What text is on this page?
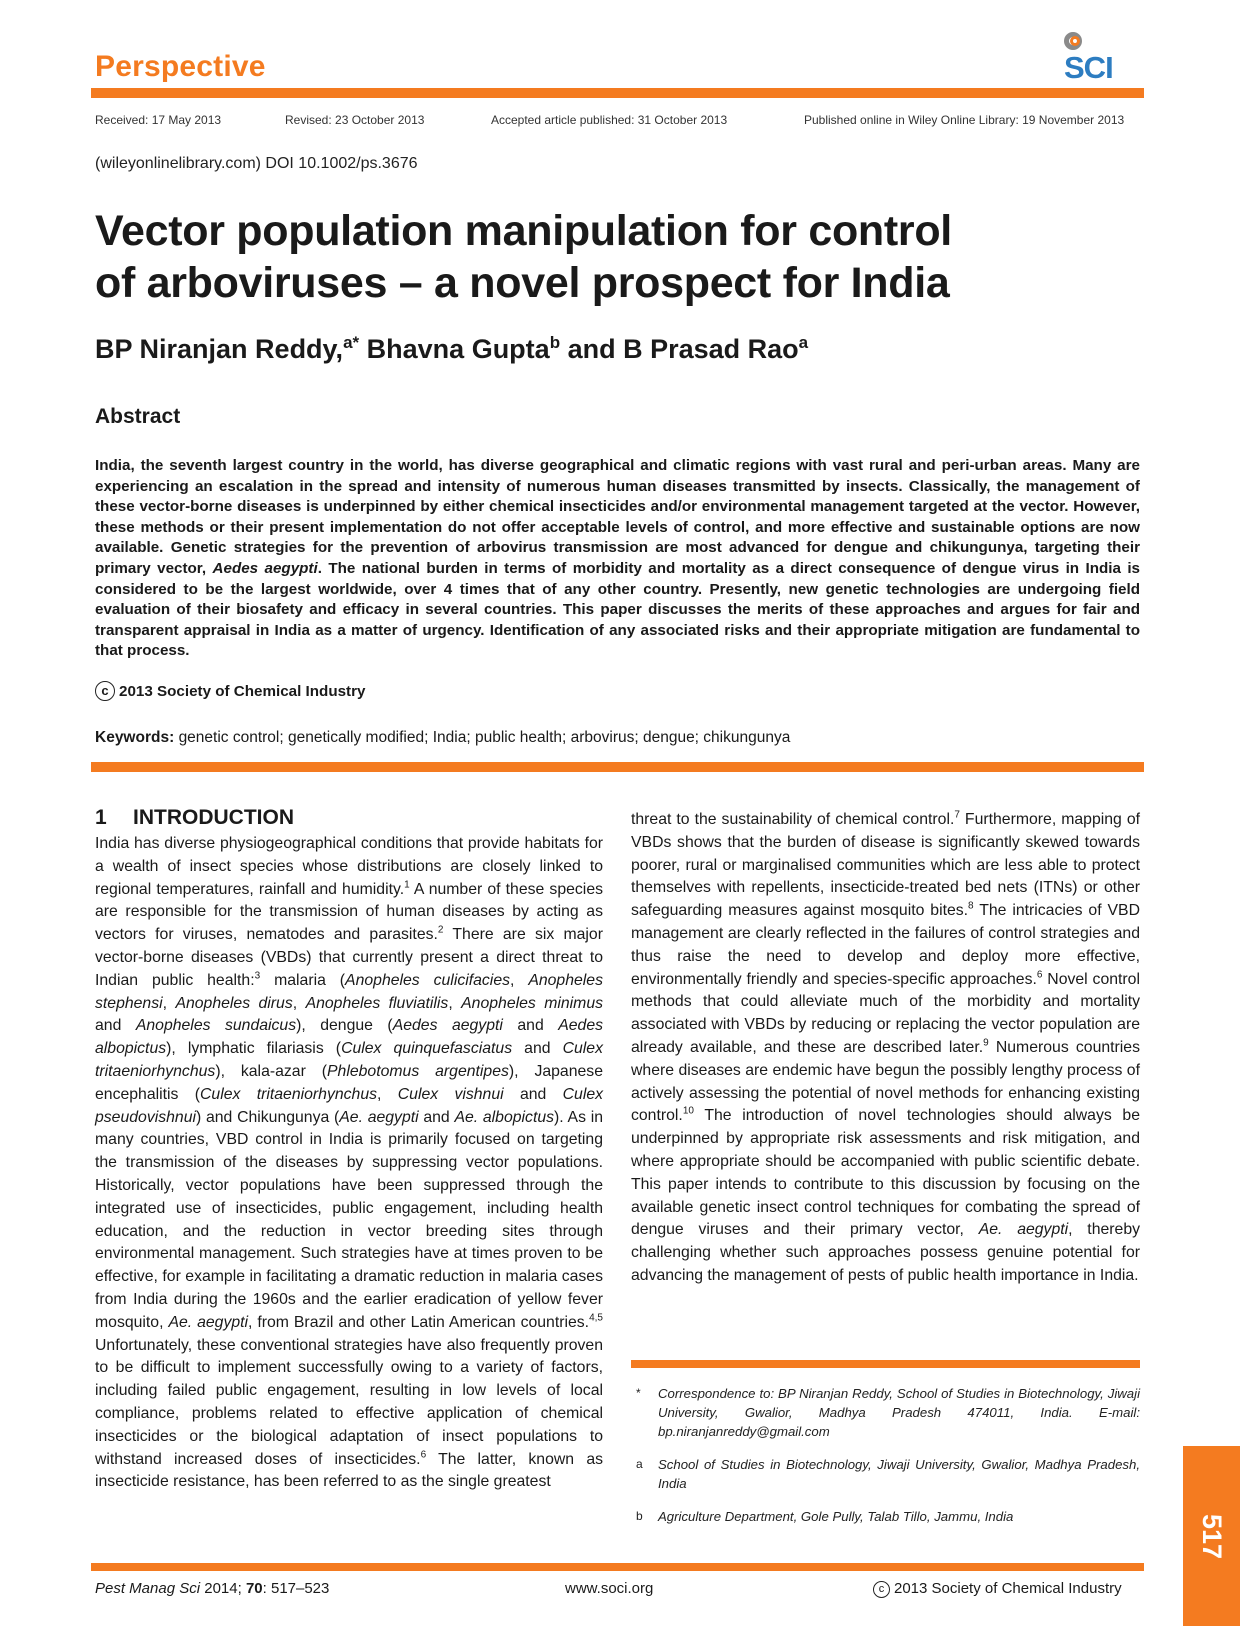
Perspective	SCI
Received: 17 May 2013	Revised: 23 October 2013	Accepted article published: 31 October 2013	Published online in Wiley Online Library: 19 November 2013
(wileyonlinelibrary.com) DOI 10.1002/ps.3676
Vector population manipulation for control
of arboviruses – a novel prospect for India
BP Niranjan Reddy,$^{a*}$ Bhavna Gupta$^b$ and B Prasad Rao$^a$
Abstract
India, the seventh largest country in the world, has diverse geographical and climatic regions with vast rural and peri-urban areas. Many are experiencing an escalation in the spread and intensity of numerous human diseases transmitted by insects. Classically, the management of these vector-borne diseases is underpinned by either chemical insecticides and/or environmental management targeted at the vector. However, these methods or their present implementation do not offer acceptable levels of control, and more effective and sustainable options are now available. Genetic strategies for the prevention of arbovirus transmission are most advanced for dengue and chikungunya, targeting their primary vector, Aedes aegypti. The national burden in terms of morbidity and mortality as a direct consequence of dengue virus in India is considered to be the largest worldwide, over 4 times that of any other country. Presently, new genetic technologies are undergoing field evaluation of their biosafety and efficacy in several countries. This paper discusses the merits of these approaches and argues for fair and transparent appraisal in India as a matter of urgency. Identification of any associated risks and their appropriate mitigation are fundamental to that process.
c 2013 Society of Chemical Industry
Keywords: genetic control; genetically modified; India; public health; arbovirus; dengue; chikungunya
1 INTRODUCTION
India has diverse physiogeographical conditions that provide habitats for a wealth of insect species whose distributions are closely linked to regional temperatures, rainfall and humidity.$^1$ A number of these species are responsible for the transmission of human diseases by acting as vectors for viruses, nematodes and parasites.$^2$ There are six major vector-borne diseases (VBDs) that currently present a direct threat to Indian public health:$^3$ malaria (Anopheles culicifacies, Anopheles stephensi, Anopheles dirus, Anopheles fluviatilis, Anopheles minimus and Anopheles sundaicus), dengue (Aedes aegypti and Aedes albopictus), lymphatic filariasis (Culex quinquefasciatus and Culex tritaeniorhynchus), kala-azar (Phlebotomus argentipes), Japanese encephalitis (Culex tritaeniorhynchus, Culex vishnui and Culex pseudovishnui) and Chikungunya (Ae. aegypti and Ae. albopictus). As in many countries, VBD control in India is primarily focused on targeting the transmission of the diseases by suppressing vector populations. Historically, vector populations have been suppressed through the integrated use of insecticides, public engagement, including health education, and the reduction in vector breeding sites through environmental management. Such strategies have at times proven to be effective, for example in facilitating a dramatic reduction in malaria cases from India during the 1960s and the earlier eradication of yellow fever mosquito, Ae. aegypti, from Brazil and other Latin American countries.$^{4,5}$ Unfortunately, these conventional strategies have also frequently proven to be difficult to implement successfully owing to a variety of factors, including failed public engagement, resulting in low levels of local compliance, problems related to effective application of chemical insecticides or the biological adaptation of insect populations to withstand increased doses of insecticides.$^6$ The latter, known as insecticide resistance, has been referred to as the single greatest
threat to the sustainability of chemical control.$^7$ Furthermore, mapping of VBDs shows that the burden of disease is significantly skewed towards poorer, rural or marginalised communities which are less able to protect themselves with repellents, insecticide-treated bed nets (ITNs) or other safeguarding measures against mosquito bites.$^8$ The intricacies of VBD management are clearly reflected in the failures of control strategies and thus raise the need to develop and deploy more effective, environmentally friendly and species-specific approaches.$^6$ Novel control methods that could alleviate much of the morbidity and mortality associated with VBDs by reducing or replacing the vector population are already available, and these are described later.$^9$ Numerous countries where diseases are endemic have begun the possibly lengthy process of actively assessing the potential of novel methods for enhancing existing control.$^{10}$ The introduction of novel technologies should always be underpinned by appropriate risk assessments and risk mitigation, and where appropriate should be accompanied with public scientific debate. This paper intends to contribute to this discussion by focusing on the available genetic insect control techniques for combating the spread of dengue viruses and their primary vector, Ae. aegypti, thereby challenging whether such approaches possess genuine potential for advancing the management of pests of public health importance in India.
* Correspondence to: BP Niranjan Reddy, School of Studies in Biotechnology, Jiwaji University, Gwalior, Madhya Pradesh 474011, India. E-mail: bp.niranjanreddy@gmail.com
a School of Studies in Biotechnology, Jiwaji University, Gwalior, Madhya Pradesh, India
b Agriculture Department, Gole Pully, Talab Tillo, Jammu, India	517
Pest Manag Sci 2014; 70: 517–523	www.soci.org	c 2013 Society of Chemical Industry
